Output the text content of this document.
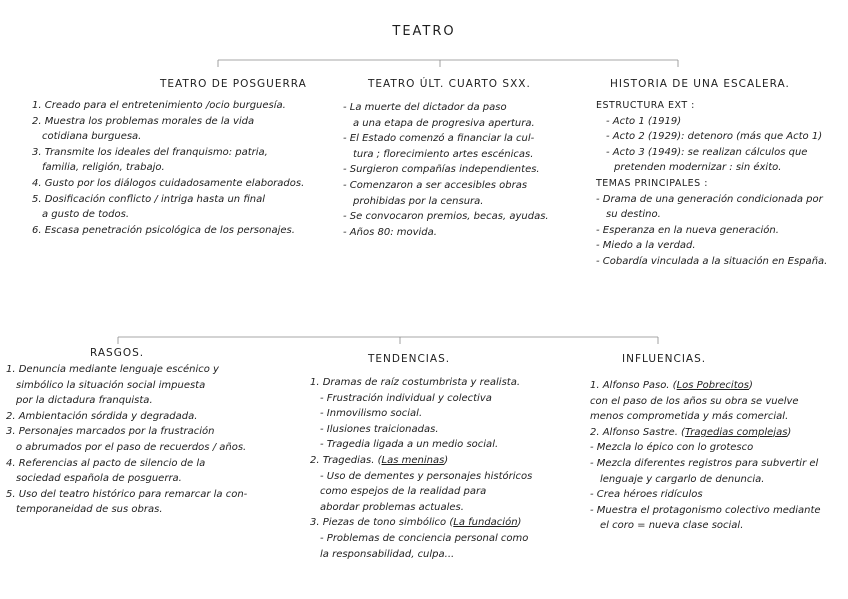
TEATRO
TEATRO DE POSGUERRA
1. Creado para el entretenimiento /ocio burguesía.
2. Muestra los problemas morales de la vida
cotidiana burguesa.
3. Transmite los ideales del franquismo: patria,
familia, religión, trabajo.
4. Gusto por los diálogos cuidadosamente elaborados.
5. Dosificación conflicto / intriga hasta un final
a gusto de todos.
6. Escasa penetración psicológica de los personajes.
TEATRO ÚLT. CUARTO SXX.
- La muerte del dictador da paso
a una etapa de progresiva apertura.
- El Estado comenzó a financiar la cul-
tura ; florecimiento artes escénicas.
- Surgieron compañías independientes.
- Comenzaron a ser accesibles obras
prohibidas por la censura.
- Se convocaron premios, becas, ayudas.
- Años 80: movida.
HISTORIA DE UNA ESCALERA.
ESTRUCTURA EXT :
- Acto 1 (1919)
- Acto 2 (1929): detenoro (más que Acto 1)
- Acto 3 (1949): se realizan cálculos que
pretenden modernizar : sin éxito.
TEMAS PRINCIPALES :
- Drama de una generación condicionada por
su destino.
- Esperanza en la nueva generación.
- Miedo a la verdad.
- Cobardía vinculada a la situación en España.
RASGOS.
1. Denuncia mediante lenguaje escénico y
simbólico la situación social impuesta
por la dictadura franquista.
2. Ambientación sórdida y degradada.
3. Personajes marcados por la frustración
o abrumados por el paso de recuerdos / años.
4. Referencias al pacto de silencio de la
sociedad española de posguerra.
5. Uso del teatro histórico para remarcar la con-
temporaneidad de sus obras.
TENDENCIAS.
1. Dramas de raíz costumbrista y realista.
- Frustración individual y colectiva
- Inmovilismo social.
- Ilusiones traicionadas.
- Tragedia ligada a un medio social.
2. Tragedias. (Las meninas)
- Uso de dementes y personajes históricos
como espejos de la realidad para
abordar problemas actuales.
3. Piezas de tono simbólico (La fundación)
- Problemas de conciencia personal como
la responsabilidad, culpa...
INFLUENCIAS.
1. Alfonso Paso. (Los Pobrecitos)
con el paso de los años su obra se vuelve
menos comprometida y más comercial.
2. Alfonso Sastre. (Tragedias complejas)
- Mezcla lo épico con lo grotesco
- Mezcla diferentes registros para subvertir el
lenguaje y cargarlo de denuncia.
- Crea héroes ridículos
- Muestra el protagonismo colectivo mediante
el coro = nueva clase social.
